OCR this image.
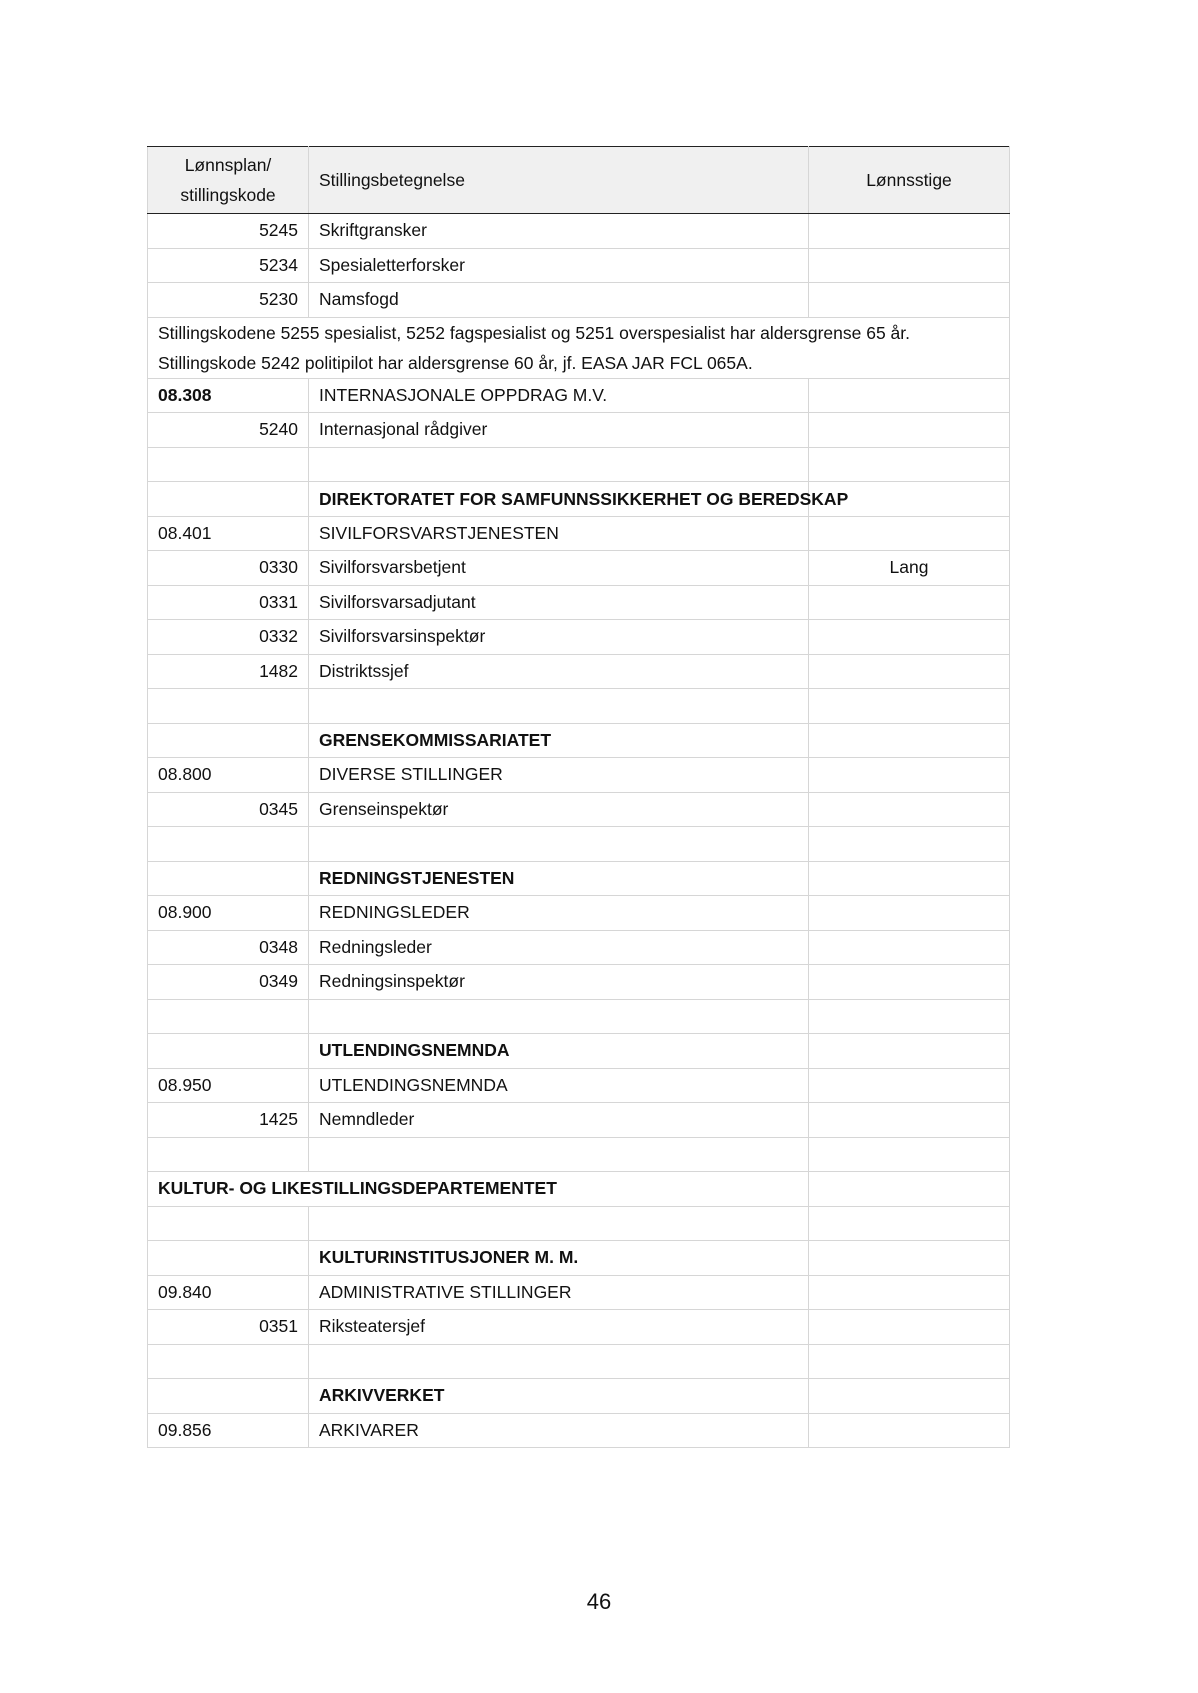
Lønnsplan/
stillingskode	Stillingsbetegnelse	Lønnsstige
5245	Skriftgransker	
5234	Spesialetterforsker	
5230	Namsfogd	
Stillingskodene 5255 spesialist, 5252 fagspesialist og 5251 overspesialist har aldersgrense 65 år.
Stillingskode 5242 politipilot har aldersgrense 60 år, jf. EASA JAR FCL 065A.		
08.308	INTERNASJONALE OPPDRAG M.V.	
5240	Internasjonal rådgiver	

	DIREKTORATET FOR SAMFUNNSSIKKERHET OG BEREDSKAP	
08.401	SIVILFORSVARSTJENESTEN	
0330	Sivilforsvarsbetjent	Lang
0331	Sivilforsvarsadjutant	
0332	Sivilforsvarsinspektør	
1482	Distriktssjef	

	GRENSEKOMMISSARIATET	
08.800	DIVERSE STILLINGER	
0345	Grenseinspektør	

	REDNINGSTJENESTEN	
08.900	REDNINGSLEDER	
0348	Redningsleder	
0349	Redningsinspektør	

	UTLENDINGSNEMNDA	
08.950	UTLENDINGSNEMNDA	
1425	Nemndleder	

KULTUR- OG LIKESTILLINGSDEPARTEMENTET		

	KULTURINSTITUSJONER M. M.	
09.840	ADMINISTRATIVE STILLINGER	
0351	Riksteatersjef	

	ARKIVVERKET	
09.856	ARKIVARER	
46
